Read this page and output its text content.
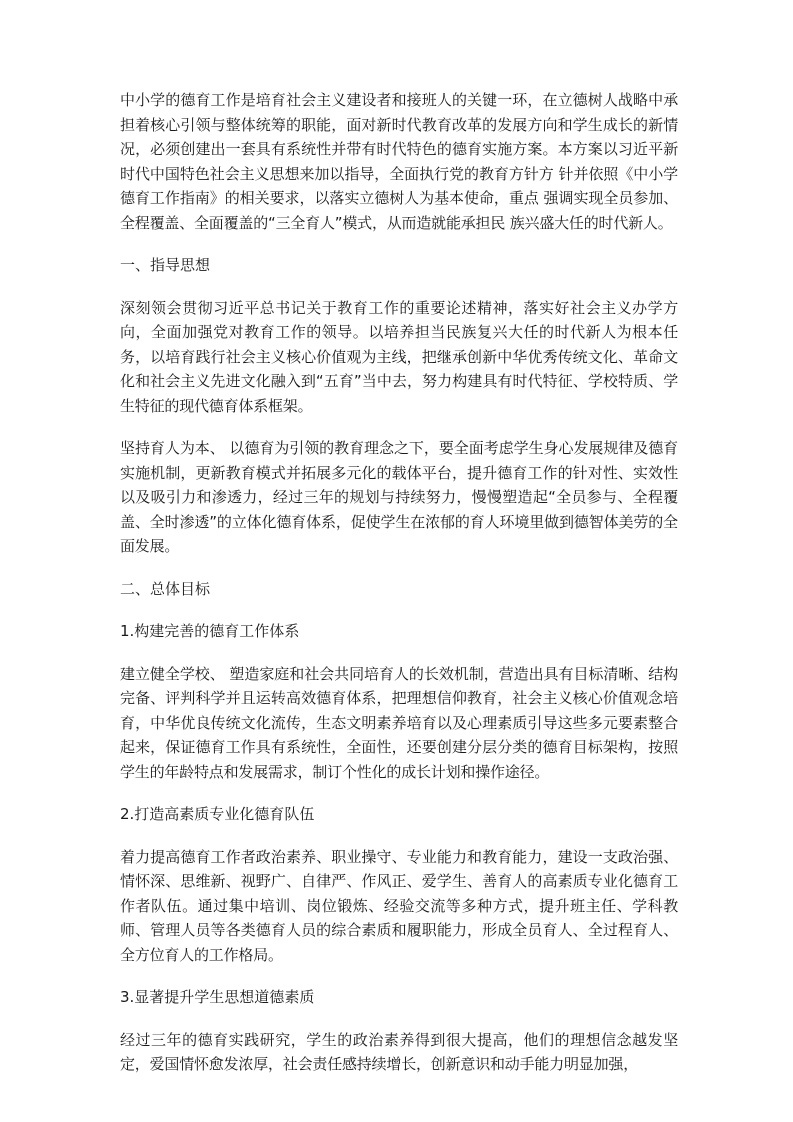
中小学的德育工作是培育社会主义建设者和接班人的关键一环，在立德树人战略中承担着核心引领与整体统筹的职能，面对新时代教育改革的发展方向和学生成长的新情况，必须创建出一套具有系统性并带有时代特色的德育实施方案。本方案以习近平新时代中国特色社会主义思想来加以指导，全面执行党的教育方针方 针并依照《中小学德育工作指南》的相关要求，以落实立德树人为基本使命，重点 强调实现全员参加、全程覆盖、全面覆盖的“三全育人”模式，从而造就能承担民 族兴盛大任的时代新人。

一、指导思想

深刻领会贯彻习近平总书记关于教育工作的重要论述精神，落实好社会主义办学方向，全面加强党对教育工作的领导。以培养担当民族复兴大任的时代新人为根本任务，以培育践行社会主义核心价值观为主线，把继承创新中华优秀传统文化、革命文化和社会主义先进文化融入到“五育”当中去，努力构建具有时代特征、学校特质、学生特征的现代德育体系框架。

坚持育人为本、 以德育为引领的教育理念之下，要全面考虑学生身心发展规律及德育实施机制，更新教育模式并拓展多元化的载体平台，提升德育工作的针对性、实效性以及吸引力和渗透力，经过三年的规划与持续努力，慢慢塑造起“全员参与、全程覆盖、全时渗透”的立体化德育体系，促使学生在浓郁的育人环境里做到德智体美劳的全面发展。

二、总体目标

1.构建完善的德育工作体系

建立健全学校、 塑造家庭和社会共同培育人的长效机制，营造出具有目标清晰、结构完备、评判科学并且运转高效德育体系，把理想信仰教育，社会主义核心价值观念培育，中华优良传统文化流传，生态文明素养培育以及心理素质引导这些多元要素整合起来，保证德育工作具有系统性，全面性，还要创建分层分类的德育目标架构，按照学生的年龄特点和发展需求，制订个性化的成长计划和操作途径。

2.打造高素质专业化德育队伍

着力提高德育工作者政治素养、职业操守、专业能力和教育能力，建设一支政治强、情怀深、思维新、视野广、自律严、作风正、爱学生、善育人的高素质专业化德育工作者队伍。通过集中培训、岗位锻炼、经验交流等多种方式，提升班主任、学科教师、管理人员等各类德育人员的综合素质和履职能力，形成全员育人、全过程育人、全方位育人的工作格局。

3.显著提升学生思想道德素质

经过三年的德育实践研究，学生的政治素养得到很大提高，他们的理想信念越发坚定，爱国情怀愈发浓厚，社会责任感持续增长，创新意识和动手能力明显加强，
